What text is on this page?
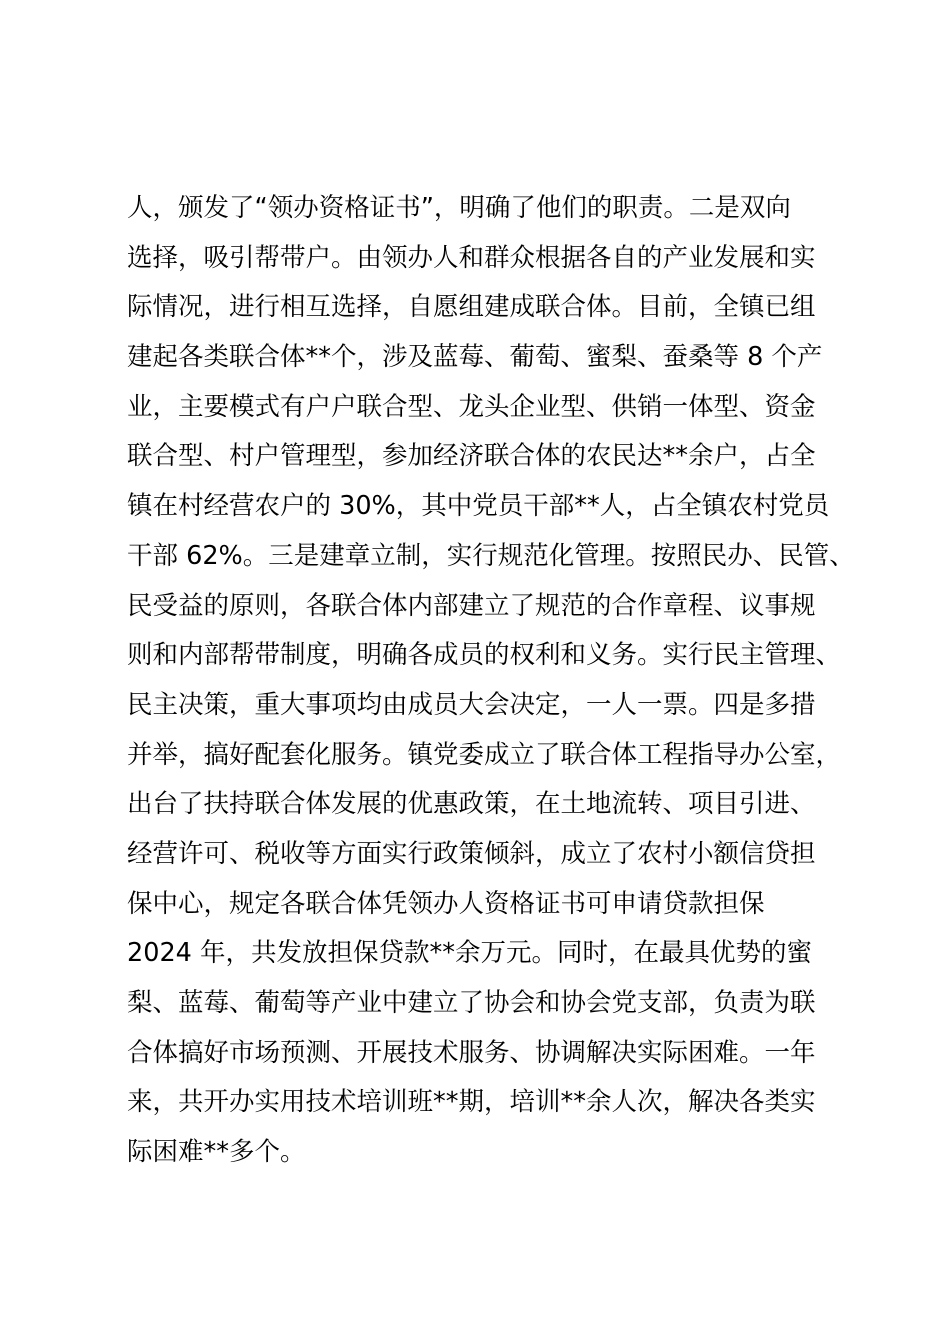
人，颁发了“领办资格证书”，明确了他们的职责。二是双向
选择，吸引帮带户。由领办人和群众根据各自的产业发展和实
际情况，进行相互选择，自愿组建成联合体。目前，全镇已组
建起各类联合体**个，涉及蓝莓、葡萄、蜜梨、蚕桑等 8 个产
业，主要模式有户户联合型、龙头企业型、供销一体型、资金
联合型、村户管理型，参加经济联合体的农民达**余户，占全
镇在村经营农户的 30%，其中党员干部**人，占全镇农村党员
干部 62%。三是建章立制，实行规范化管理。按照民办、民管、
民受益的原则，各联合体内部建立了规范的合作章程、议事规
则和内部帮带制度，明确各成员的权利和义务。实行民主管理、
民主决策，重大事项均由成员大会决定，一人一票。四是多措
并举，搞好配套化服务。镇党委成立了联合体工程指导办公室，
出台了扶持联合体发展的优惠政策，在土地流转、项目引进、
经营许可、税收等方面实行政策倾斜，成立了农村小额信贷担
保中心，规定各联合体凭领办人资格证书可申请贷款担保
2024 年，共发放担保贷款**余万元。同时，在最具优势的蜜
梨、蓝莓、葡萄等产业中建立了协会和协会党支部，负责为联
合体搞好市场预测、开展技术服务、协调解决实际困难。一年
来，共开办实用技术培训班**期，培训**余人次，解决各类实
际困难**多个。
